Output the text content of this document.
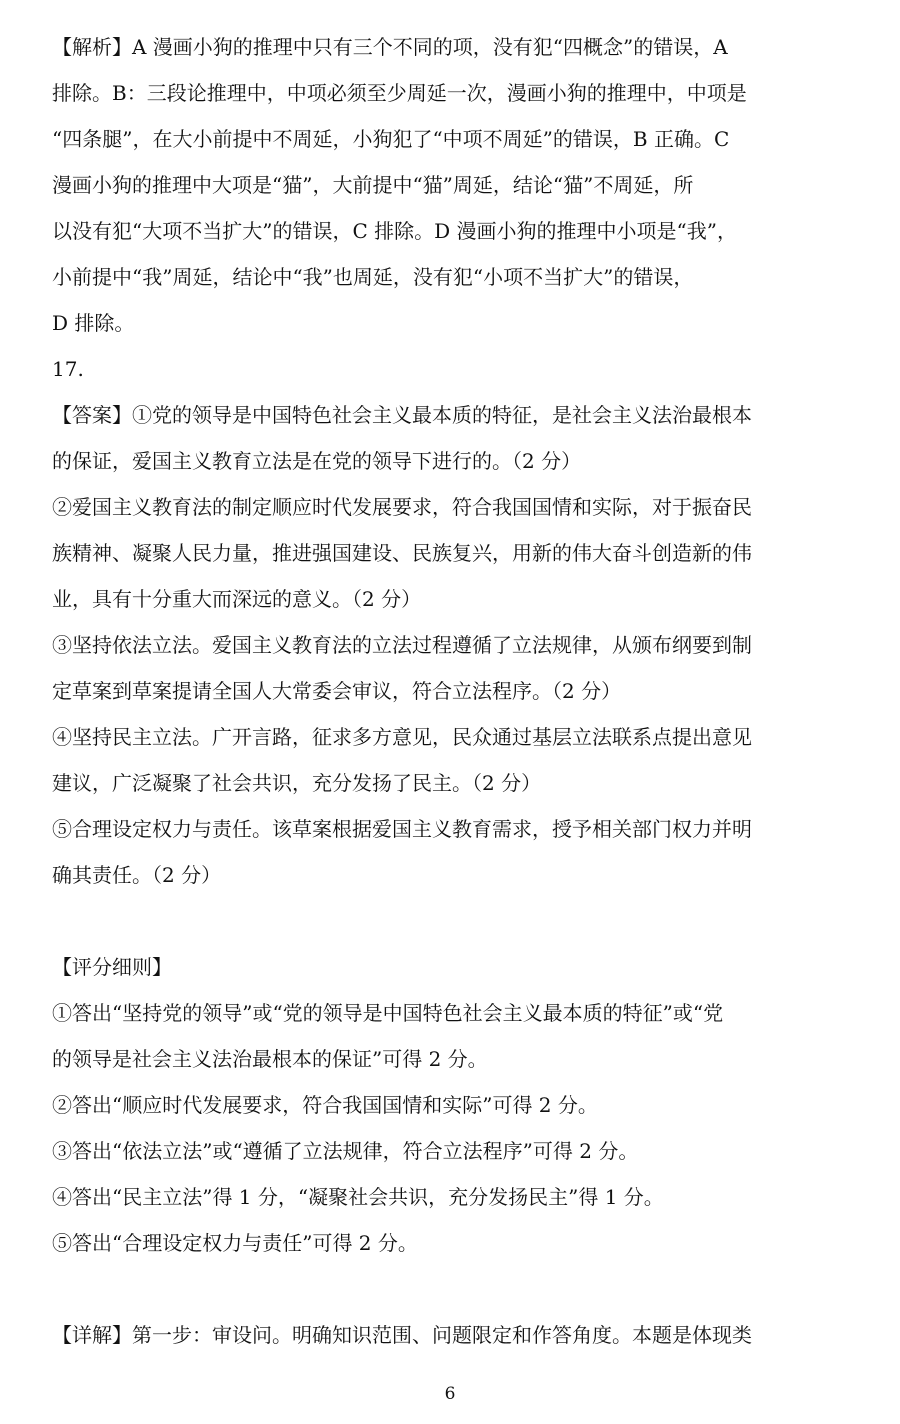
【解析】A 漫画小狗的推理中只有三个不同的项，没有犯“四概念”的错误，A
排除。B：三段论推理中，中项必须至少周延一次，漫画小狗的推理中，中项是
“四条腿”，在大小前提中不周延，小狗犯了“中项不周延”的错误，B 正确。C
漫画小狗的推理中大项是“猫”，大前提中“猫”周延，结论“猫”不周延，所
以没有犯“大项不当扩大”的错误，C 排除。D 漫画小狗的推理中小项是“我”，
小前提中“我”周延，结论中“我”也周延，没有犯“小项不当扩大”的错误，
D 排除。
17.
【答案】①党的领导是中国特色社会主义最本质的特征，是社会主义法治最根本
的保证，爱国主义教育立法是在党的领导下进行的。（2 分）
②爱国主义教育法的制定顺应时代发展要求，符合我国国情和实际，对于振奋民
族精神、凝聚人民力量，推进强国建设、民族复兴，用新的伟大奋斗创造新的伟
业，具有十分重大而深远的意义。（2 分）
③坚持依法立法。爱国主义教育法的立法过程遵循了立法规律，从颁布纲要到制
定草案到草案提请全国人大常委会审议，符合立法程序。（2 分）
④坚持民主立法。广开言路，征求多方意见，民众通过基层立法联系点提出意见
建议，广泛凝聚了社会共识，充分发扬了民主。（2 分）
⑤合理设定权力与责任。该草案根据爱国主义教育需求，授予相关部门权力并明
确其责任。（2 分）
【评分细则】
①答出“坚持党的领导”或“党的领导是中国特色社会主义最本质的特征”或“党
的领导是社会主义法治最根本的保证”可得 2 分。
②答出“顺应时代发展要求，符合我国国情和实际”可得 2 分。
③答出“依法立法”或“遵循了立法规律，符合立法程序”可得 2 分。
④答出“民主立法”得 1 分，“凝聚社会共识，充分发扬民主”得 1 分。
⑤答出“合理设定权力与责任”可得 2 分。
【详解】第一步：审设问。明确知识范围、问题限定和作答角度。本题是体现类
6
